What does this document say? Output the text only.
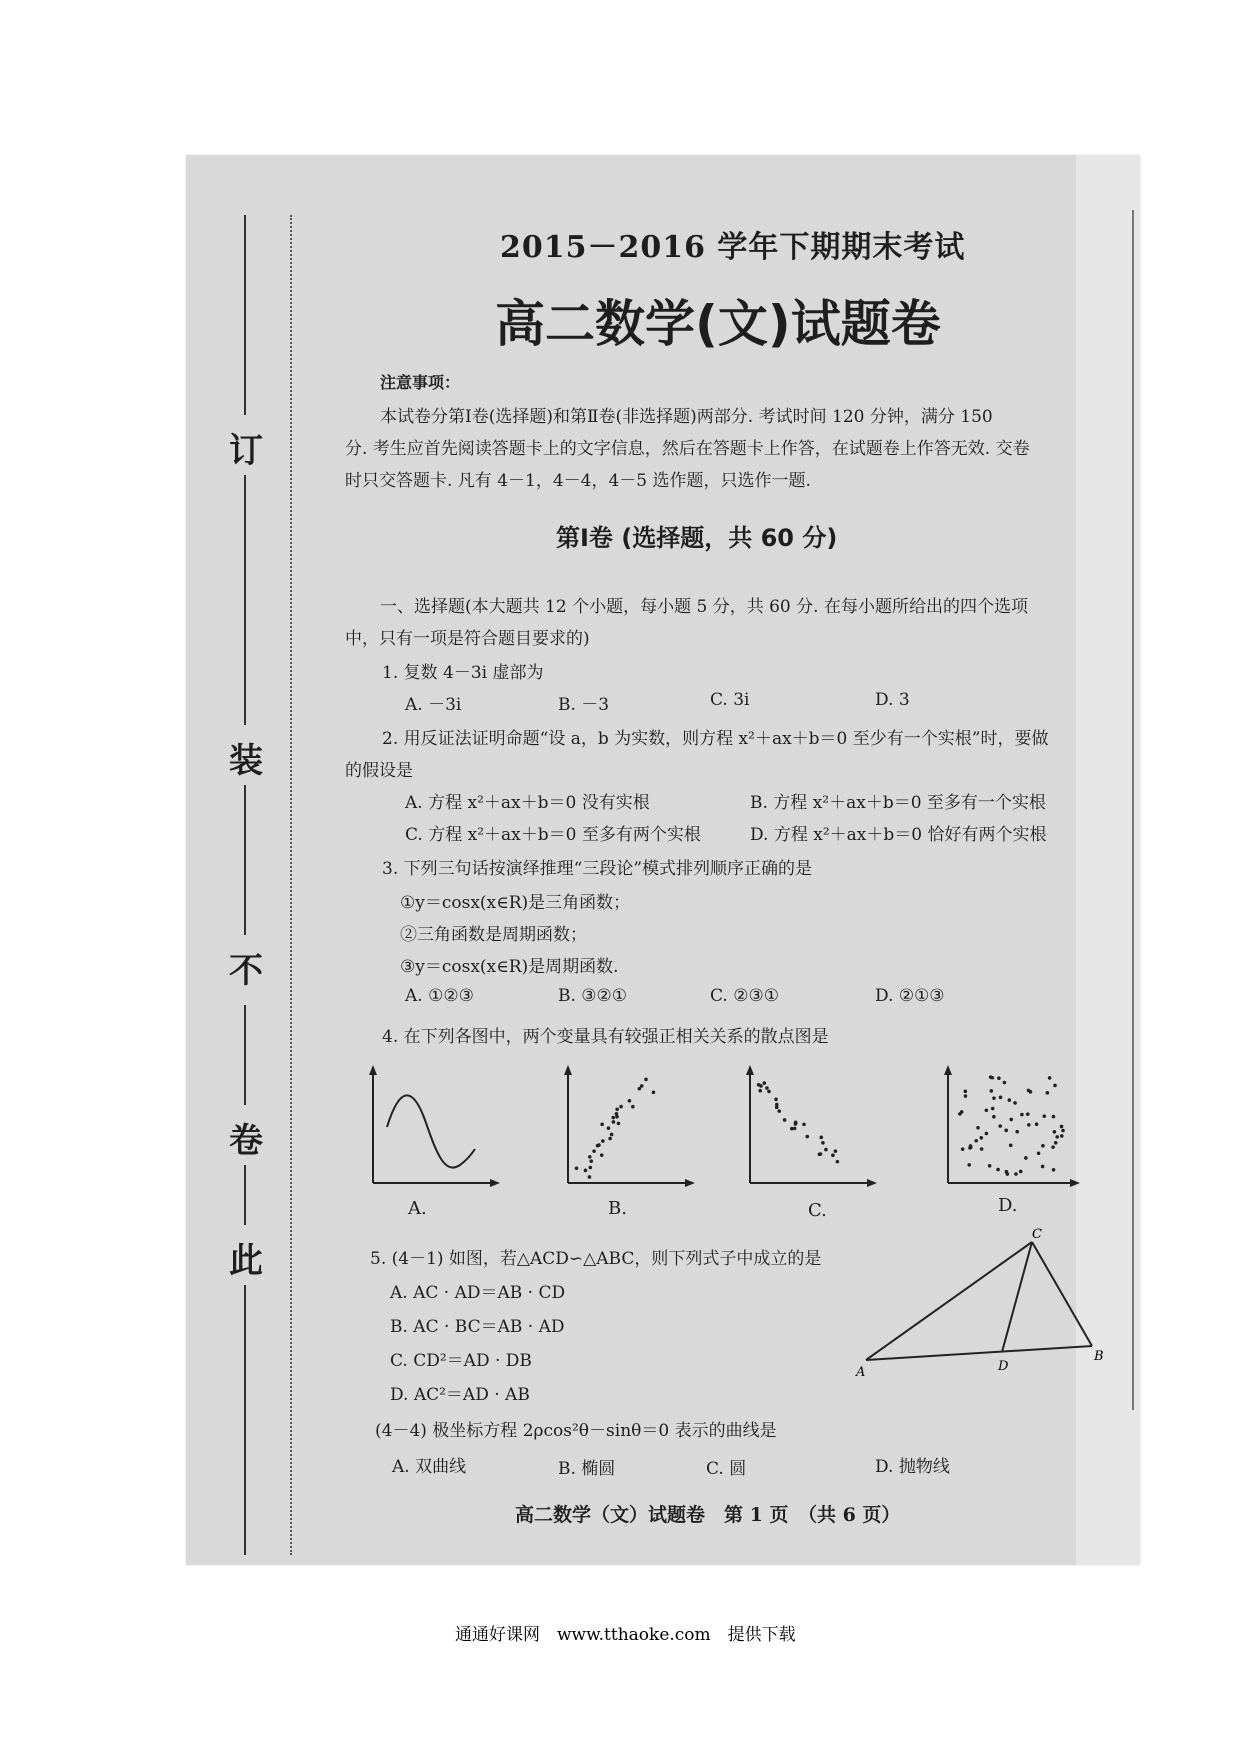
订
装
不
卷
此
2015－2016 学年下期期末考试
高二数学(文)试题卷
注意事项：
本试卷分第Ⅰ卷(选择题)和第Ⅱ卷(非选择题)两部分. 考试时间 120 分钟，满分 150
分. 考生应首先阅读答题卡上的文字信息，然后在答题卡上作答，在试题卷上作答无效. 交卷
时只交答题卡. 凡有 4－1，4－4，4－5 选作题，只选作一题.
第Ⅰ卷 (选择题，共 60 分)
一、选择题(本大题共 12 个小题，每小题 5 分，共 60 分. 在每小题所给出的四个选项
中，只有一项是符合题目要求的)
1. 复数 4－3i 虚部为
A. －3i	B. －3	C. 3i	D. 3
2. 用反证法证明命题“设 a，b 为实数，则方程 x²＋ax＋b＝0 至少有一个实根”时，要做
的假设是
A. 方程 x²＋ax＋b＝0 没有实根	B. 方程 x²＋ax＋b＝0 至多有一个实根
C. 方程 x²＋ax＋b＝0 至多有两个实根	D. 方程 x²＋ax＋b＝0 恰好有两个实根
3. 下列三句话按演绎推理“三段论”模式排列顺序正确的是
①y＝cosx(x∈R)是三角函数；
②三角函数是周期函数；
③y＝cosx(x∈R)是周期函数.
A. ①②③	B. ③②①	C. ②③①	D. ②①③
4. 在下列各图中，两个变量具有较强正相关关系的散点图是
A.	B.	C.	D.
5. (4－1) 如图，若△ACD∽△ABC，则下列式子中成立的是
A. AC · AD＝AB · CD
B. AC · BC＝AB · AD
C. CD²＝AD · DB
D. AC²＝AD · AB
C
A	D
B
(4－4) 极坐标方程 2ρcos²θ－sinθ＝0 表示的曲线是
A. 双曲线	B. 椭圆	C. 圆	D. 抛物线
高二数学（文）试题卷　第 1 页　（共 6 页）
通通好课网　www.tthaoke.com　提供下载
